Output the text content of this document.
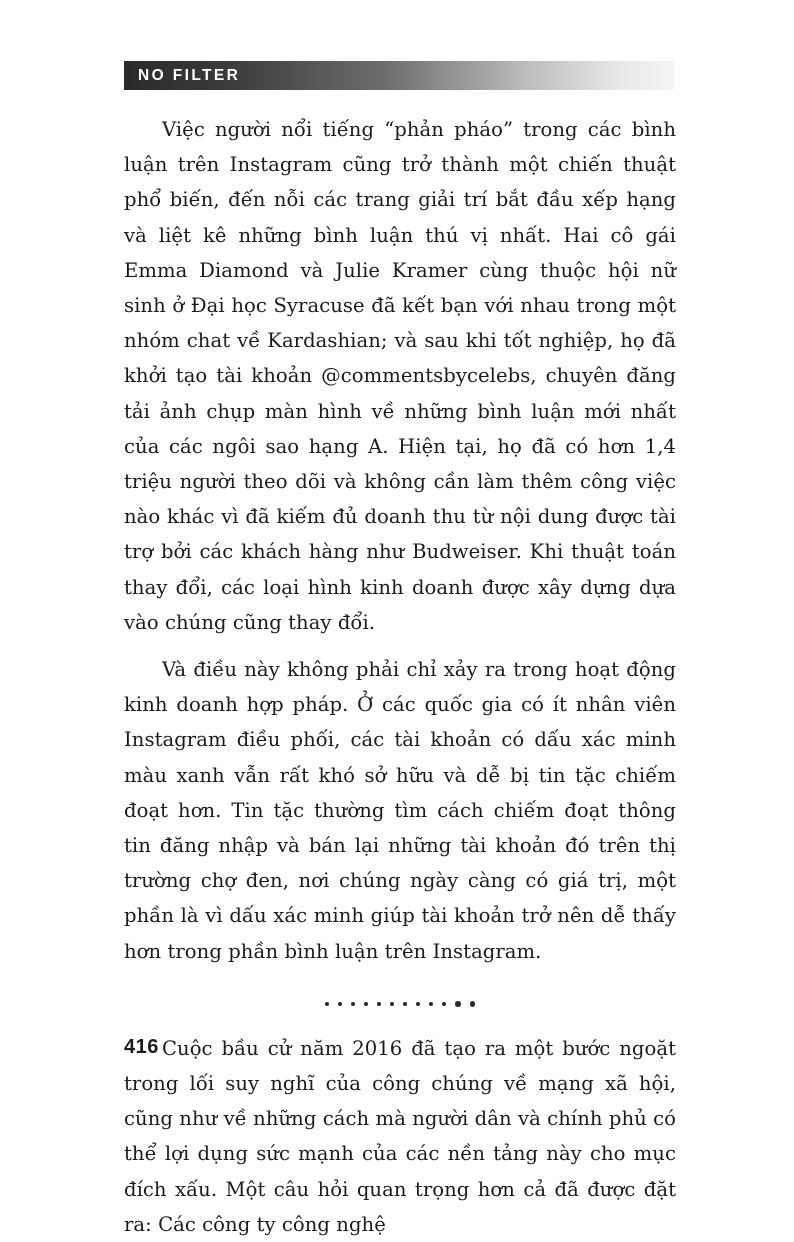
NO FILTER

Việc người nổi tiếng “phản pháo” trong các bình luận trên Instagram cũng trở thành một chiến thuật phổ biến, đến nỗi các trang giải trí bắt đầu xếp hạng và liệt kê những bình luận thú vị nhất. Hai cô gái Emma Diamond và Julie Kramer cùng thuộc hội nữ sinh ở Đại học Syracuse đã kết bạn với nhau trong một nhóm chat về Kardashian; và sau khi tốt nghiệp, họ đã khởi tạo tài khoản @commentsbycelebs, chuyên đăng tải ảnh chụp màn hình về những bình luận mới nhất của các ngôi sao hạng A. Hiện tại, họ đã có hơn 1,4 triệu người theo dõi và không cần làm thêm công việc nào khác vì đã kiếm đủ doanh thu từ nội dung được tài trợ bởi các khách hàng như Budweiser. Khi thuật toán thay đổi, các loại hình kinh doanh được xây dựng dựa vào chúng cũng thay đổi.

Và điều này không phải chỉ xảy ra trong hoạt động kinh doanh hợp pháp. Ở các quốc gia có ít nhân viên Instagram điều phối, các tài khoản có dấu xác minh màu xanh vẫn rất khó sở hữu và dễ bị tin tặc chiếm đoạt hơn. Tin tặc thường tìm cách chiếm đoạt thông tin đăng nhập và bán lại những tài khoản đó trên thị trường chợ đen, nơi chúng ngày càng có giá trị, một phần là vì dấu xác minh giúp tài khoản trở nên dễ thấy hơn trong phần bình luận trên Instagram.

Cuộc bầu cử năm 2016 đã tạo ra một bước ngoặt trong lối suy nghĩ của công chúng về mạng xã hội, cũng như về những cách mà người dân và chính phủ có thể lợi dụng sức mạnh của các nền tảng này cho mục đích xấu. Một câu hỏi quan trọng hơn cả đã được đặt ra: Các công ty công nghệ

416
